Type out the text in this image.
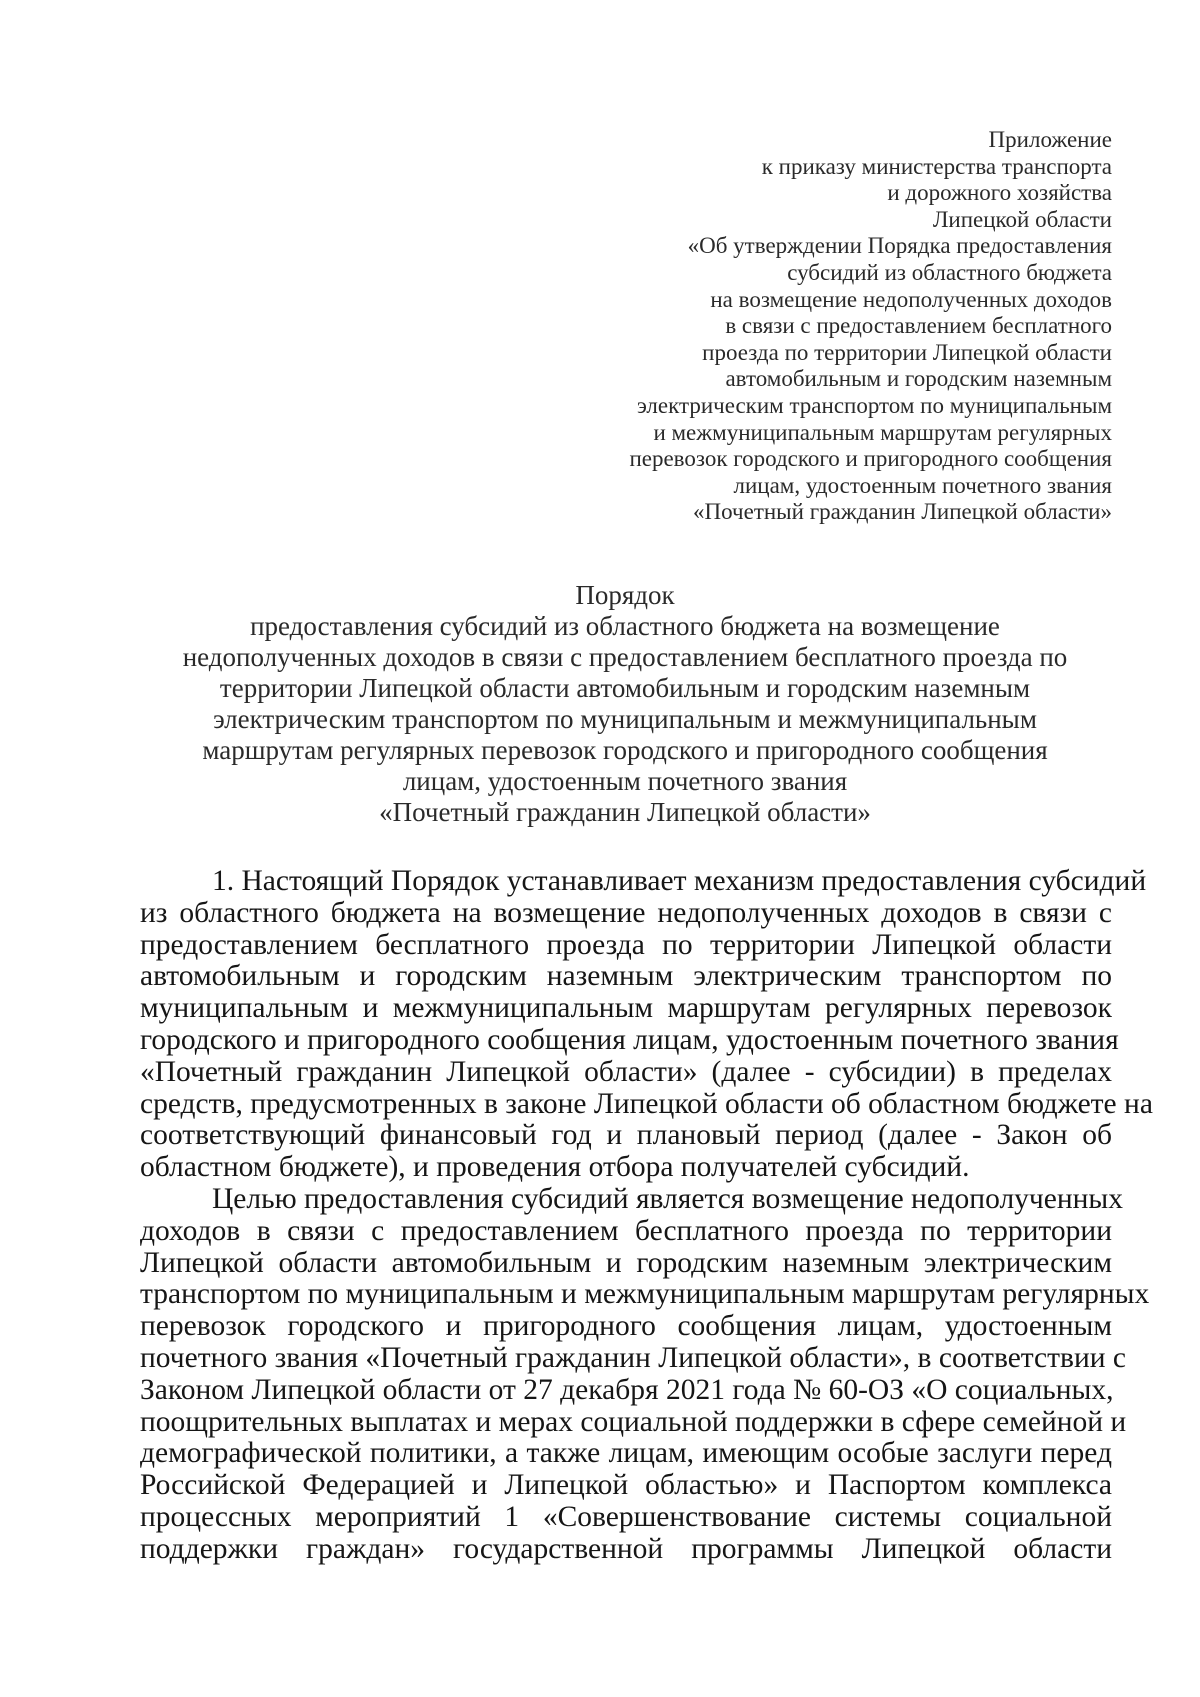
Приложение
к приказу министерства транспорта
и дорожного хозяйства
Липецкой области
«Об утверждении Порядка предоставления
субсидий из областного бюджета
на возмещение недополученных доходов
в связи с предоставлением бесплатного
проезда по территории Липецкой области
автомобильным и городским наземным
электрическим транспортом по муниципальным
и межмуниципальным маршрутам регулярных
перевозок городского и пригородного сообщения
лицам, удостоенным почетного звания
«Почетный гражданин Липецкой области»
Порядок
предоставления субсидий из областного бюджета на возмещение
недополученных доходов в связи с предоставлением бесплатного проезда по
территории Липецкой области автомобильным и городским наземным
электрическим транспортом по муниципальным и межмуниципальным
маршрутам регулярных перевозок городского и пригородного сообщения
лицам, удостоенным почетного звания
«Почетный гражданин Липецкой области»

1. Настоящий Порядок устанавливает механизм предоставления субсидий
из областного бюджета на возмещение недополученных доходов в связи с
предоставлением бесплатного проезда по территории Липецкой области
автомобильным и городским наземным электрическим транспортом по
муниципальным и межмуниципальным маршрутам регулярных перевозок
городского и пригородного сообщения лицам, удостоенным почетного звания
«Почетный гражданин Липецкой области» (далее - субсидии) в пределах
средств, предусмотренных в законе Липецкой области об областном бюджете на
соответствующий финансовый год и плановый период (далее - Закон об
областном бюджете), и проведения отбора получателей субсидий.

Целью предоставления субсидий является возмещение недополученных
доходов в связи с предоставлением бесплатного проезда по территории
Липецкой области автомобильным и городским наземным электрическим
транспортом по муниципальным и межмуниципальным маршрутам регулярных
перевозок городского и пригородного сообщения лицам, удостоенным
почетного звания «Почетный гражданин Липецкой области», в соответствии с
Законом Липецкой области от 27 декабря 2021 года № 60-ОЗ «О социальных,
поощрительных выплатах и мерах социальной поддержки в сфере семейной и
демографической политики, а также лицам, имеющим особые заслуги перед
Российской Федерацией и Липецкой областью» и Паспортом комплекса
процессных мероприятий 1 «Совершенствование системы социальной
поддержки граждан» государственной программы Липецкой области
